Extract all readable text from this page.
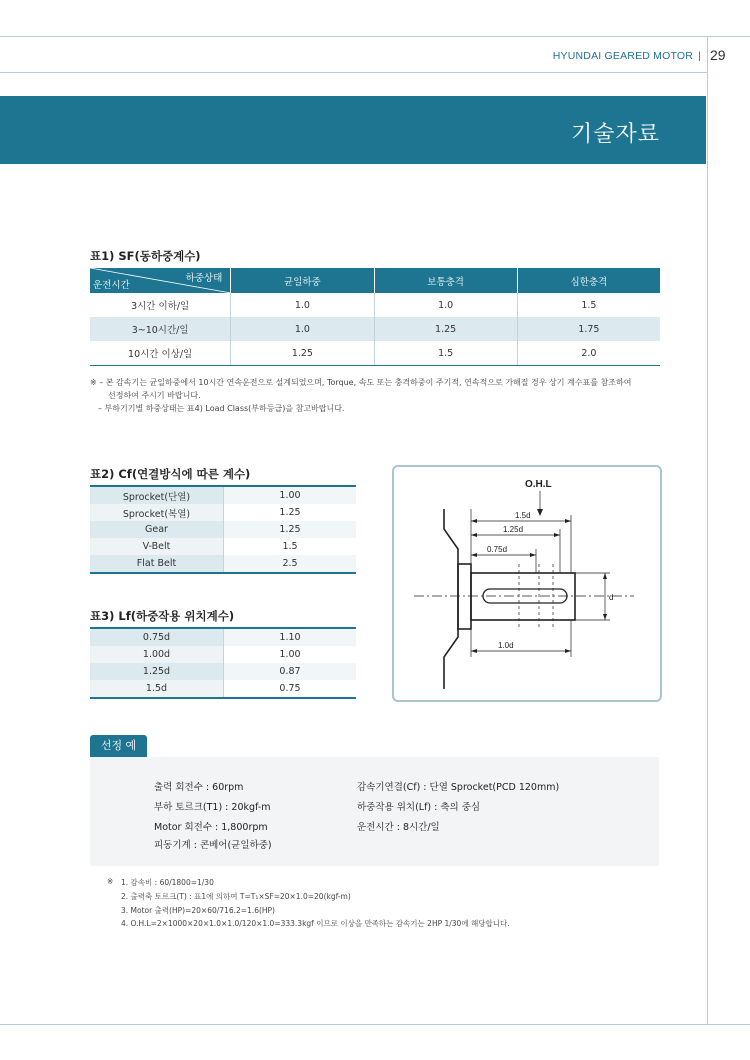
HYUNDAI GEARED MOTOR | 29
기술자료
표1) SF(동하중계수)
하중상태
운전시간	균일하중	보통충격	심한충격
3시간 이하/일	1.0	1.0	1.5
3~10시간/일	1.0	1.25	1.75
10시간 이상/일	1.25	1.5	2.0
※ – 본 감속기는 균일하중에서 10시간 연속운전으로 설계되었으며, Torque, 속도 또는 충격하중이 주기적, 연속적으로 가해질 경우 상기 계수표를 참조하여
선정하여 주시기 바랍니다.
– 부하기기별 하중상태는 표4) Load Class(부하등급)을 참고바랍니다.
표2) Cf(연결방식에 따른 계수)
Sprocket(단열)	1.00
Sprocket(복열)	1.25
Gear	1.25
V-Belt	1.5
Flat Belt	2.5
표3) Lf(하중작용 위치계수)
0.75d	1.10
1.00d	1.00
1.25d	0.87
1.5d	0.75
O.H.L
1.5d
1.25d
0.75d
1.0d
d
선정 예
출력 회전수 : 60rpm
부하 토르크(T1) : 20kgf-m
Motor 회전수 : 1,800rpm
피동기계 : 콘베어(균일하중)
감속기연결(Cf) : 단열 Sprocket(PCD 120mm)
하중작용 위치(Lf) : 축의 중심
운전시간 : 8시간/일
※ 1. 감속비 : 60/1800=1/30
2. 출력축 토르크(T) : 표1에 의하여 T=T₁×SF=20×1.0=20(kgf-m)
3. Motor 출력(HP)=20×60/716.2=1.6(HP)
4. O.H.L=2×1000×20×1.0×1.0/120×1.0=333.3kgf 이므로 이상을 만족하는 감속기는 2HP 1/30에 해당합니다.
